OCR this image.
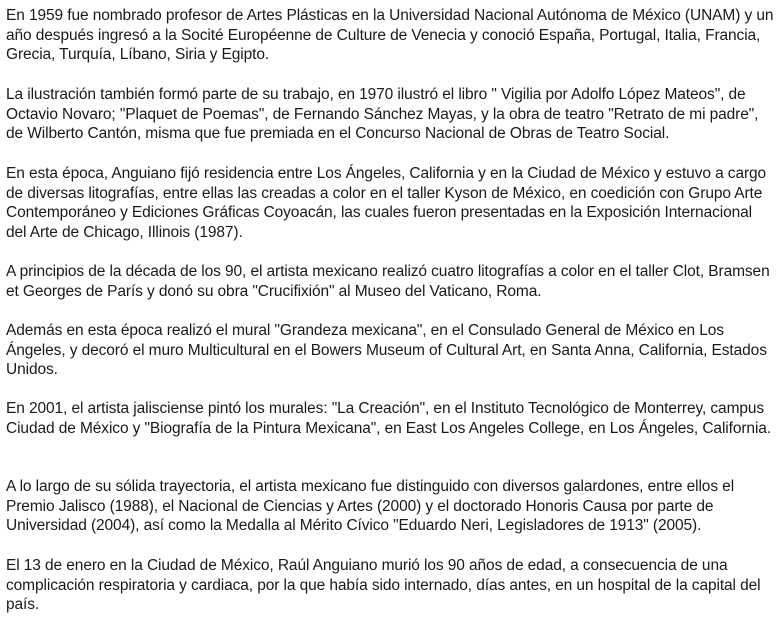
En 1959 fue nombrado profesor de Artes Plásticas en la Universidad Nacional Autónoma de México (UNAM) y un año después ingresó a la Socité Européenne de Culture de Venecia y conoció España, Portugal, Italia, Francia, Grecia, Turquía, Líbano, Siria y Egipto.

La ilustración también formó parte de su trabajo, en 1970 ilustró el libro " Vigilia por Adolfo López Mateos", de Octavio Novaro; "Plaquet de Poemas", de Fernando Sánchez Mayas, y la obra de teatro "Retrato de mi padre", de Wilberto Cantón, misma que fue premiada en el Concurso Nacional de Obras de Teatro Social.

En esta época, Anguiano fijó residencia entre Los Ángeles, California y en la Ciudad de México y estuvo a cargo de diversas litografías, entre ellas las creadas a color en el taller Kyson de México, en coedición con Grupo Arte Contemporáneo y Ediciones Gráficas Coyoacán, las cuales fueron presentadas en la Exposición Internacional del Arte de Chicago, Illinois (1987).

A principios de la década de los 90, el artista mexicano realizó cuatro litografías a color en el taller Clot, Bramsen et Georges de París y donó su obra "Crucifixión" al Museo del Vaticano, Roma.

Además en esta época realizó el mural "Grandeza mexicana", en el Consulado General de México en Los Ángeles, y decoró el muro Multicultural en el Bowers Museum of Cultural Art, en Santa Anna, California, Estados Unidos.

En 2001, el artista jalisciense pintó los murales: "La Creación", en el Instituto Tecnológico de Monterrey, campus Ciudad de México y "Biografía de la Pintura Mexicana", en East Los Angeles College, en Los Ángeles, California.

A lo largo de su sólida trayectoria, el artista mexicano fue distinguido con diversos galardones, entre ellos el Premio Jalisco (1988), el Nacional de Ciencias y Artes (2000) y el doctorado Honoris Causa por parte de Universidad (2004), así como la Medalla al Mérito Cívico "Eduardo Neri, Legisladores de 1913" (2005).

El 13 de enero en la Ciudad de México, Raúl Anguiano murió los 90 años de edad, a consecuencia de una complicación respiratoria y cardiaca, por la que había sido internado, días antes, en un hospital de la capital del país.
